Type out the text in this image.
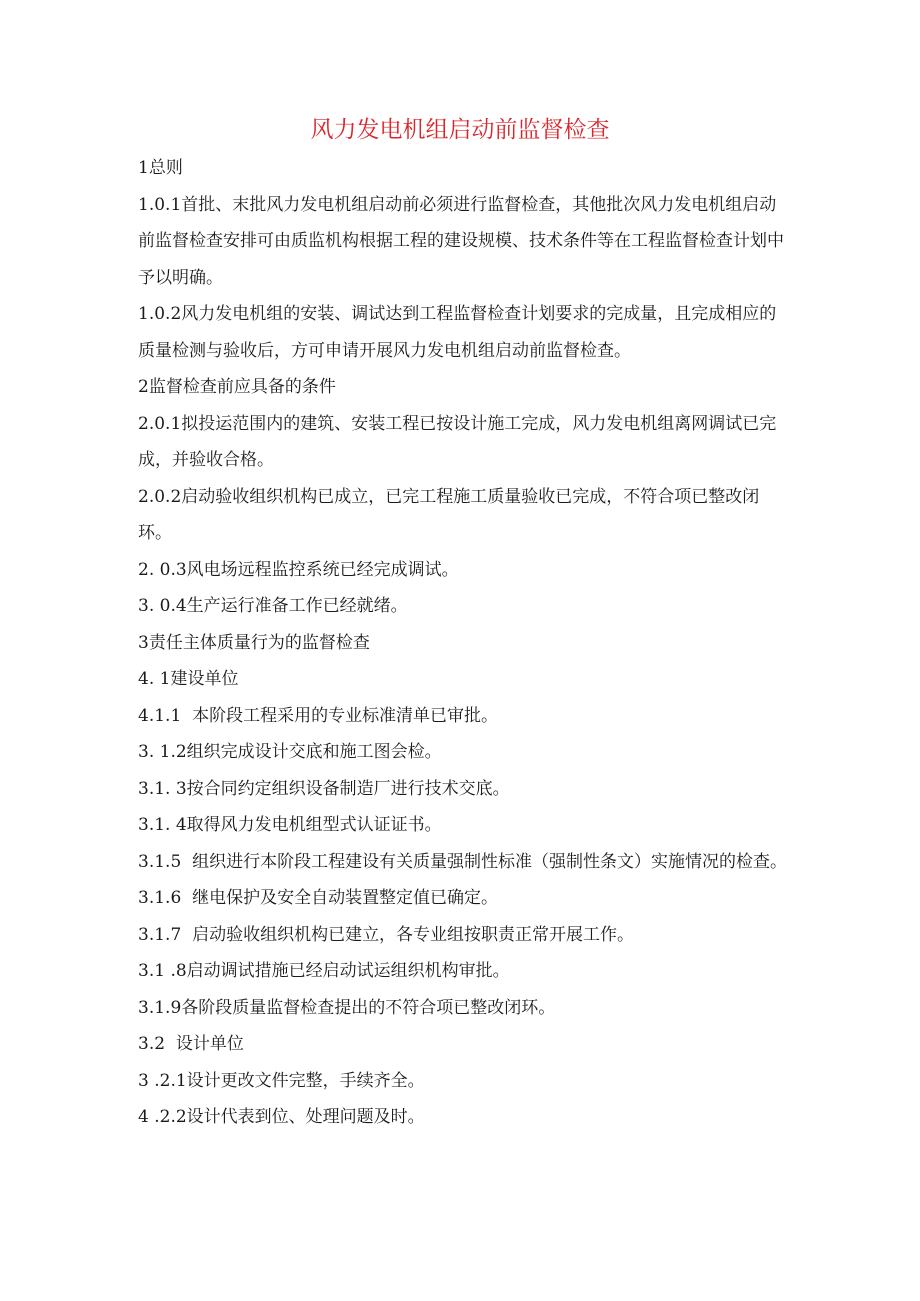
风力发电机组启动前监督检查

1总则

1.0.1首批、末批风力发电机组启动前必须进行监督检查，其他批次风力发电机组启动前监督检查安排可由质监机构根据工程的建设规模、技术条件等在工程监督检查计划中予以明确。

1.0.2风力发电机组的安装、调试达到工程监督检查计划要求的完成量，且完成相应的质量检测与验收后，方可申请开展风力发电机组启动前监督检查。

2监督检查前应具备的条件

2.0.1拟投运范围内的建筑、安装工程已按设计施工完成，风力发电机组离网调试已完成，并验收合格。

2.0.2启动验收组织机构已成立，已完工程施工质量验收已完成，不符合项已整改闭环。

2. 0.3风电场远程监控系统已经完成调试。

3. 0.4生产运行准备工作已经就绪。

3责任主体质量行为的监督检查

4. 1建设单位

4.1.1  本阶段工程采用的专业标准清单已审批。

3. 1.2组织完成设计交底和施工图会检。

3.1. 3按合同约定组织设备制造厂进行技术交底。

3.1. 4取得风力发电机组型式认证证书。

3.1.5  组织进行本阶段工程建设有关质量强制性标准（强制性条文）实施情况的检查。

3.1.6  继电保护及安全自动装置整定值已确定。

3.1.7  启动验收组织机构已建立，各专业组按职责正常开展工作。

3.1 .8启动调试措施已经启动试运组织机构审批。

3.1.9各阶段质量监督检查提出的不符合项已整改闭环。

3.2  设计单位

3 .2.1设计更改文件完整，手续齐全。

4 .2.2设计代表到位、处理问题及时。
